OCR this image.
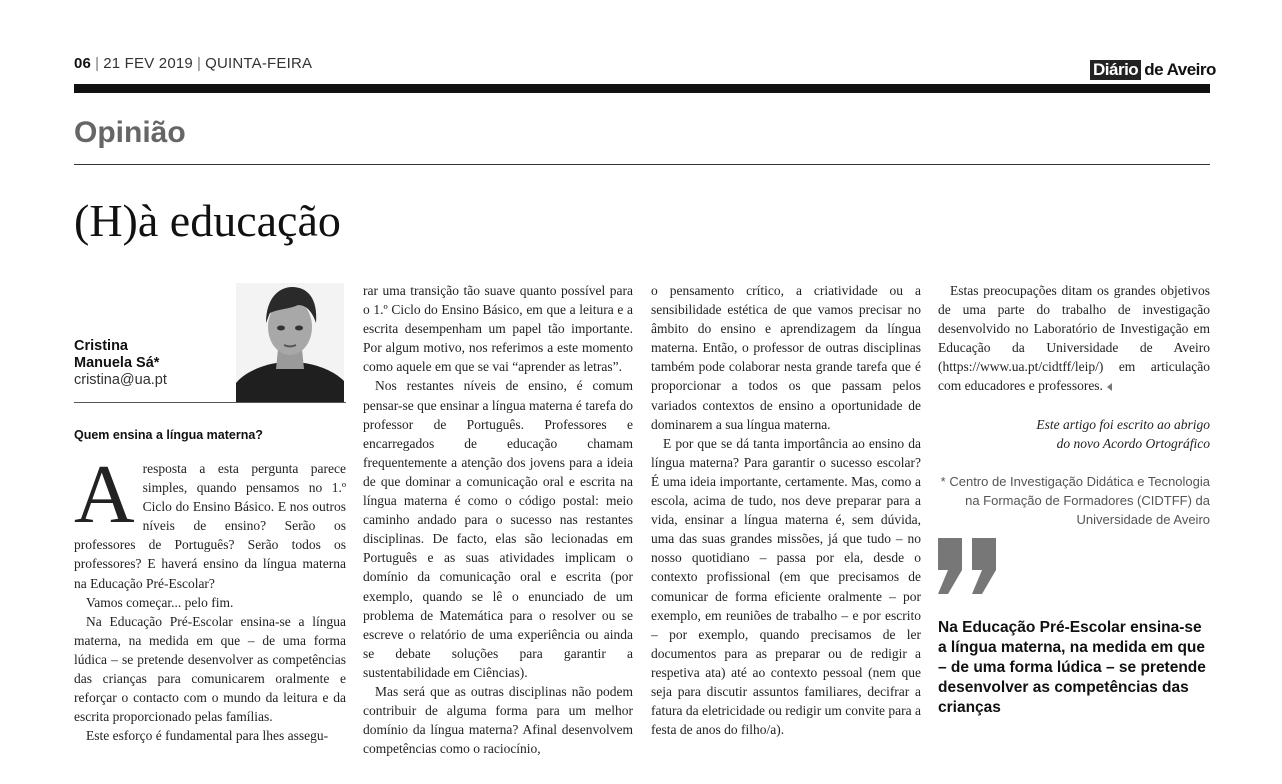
06 | 21 FEV 2019 | QUINTA-FEIRA	Diário de Aveiro
Opinião
(H)à educação
Cristina
Manuela Sá*
cristina@ua.pt
Quem ensina a língua materna?

Aresposta a esta pergunta parece simples, quando pensamos no 1.º Ciclo do Ensino Básico. E nos outros níveis de ensino? Serão os professores de Português? Serão todos os professores? E haverá ensino da língua materna na Educação Pré-Escolar?

Vamos começar... pelo fim.

Na Educação Pré-Escolar ensina-se a língua materna, na medida em que – de uma forma lúdica – se pretende desenvolver as competências das crianças para comunicarem oralmente e reforçar o contacto com o mundo da leitura e da escrita proporcionado pelas famílias.

Este esforço é fundamental para lhes assegu-

rar uma transição tão suave quanto possível para o 1.º Ciclo do Ensino Básico, em que a leitura e a escrita desempenham um papel tão importante. Por algum motivo, nos referimos a este momento como aquele em que se vai “aprender as letras”.

Nos restantes níveis de ensino, é comum pensar-se que ensinar a língua materna é tarefa do professor de Português. Professores e encarregados de educação chamam frequentemente a atenção dos jovens para a ideia de que dominar a comunicação oral e escrita na língua materna é como o código postal: meio caminho andado para o sucesso nas restantes disciplinas. De facto, elas são lecionadas em Português e as suas atividades implicam o domínio da comunicação oral e escrita (por exemplo, quando se lê o enunciado de um problema de Matemática para o resolver ou se escreve o relatório de uma experiência ou ainda se debate soluções para garantir a sustentabilidade em Ciências).

Mas será que as outras disciplinas não podem contribuir de alguma forma para um melhor domínio da língua materna? Afinal desenvolvem competências como o raciocínio,

o pensamento crítico, a criatividade ou a sensibilidade estética de que vamos precisar no âmbito do ensino e aprendizagem da língua materna. Então, o professor de outras disciplinas também pode colaborar nesta grande tarefa que é proporcionar a todos os que passam pelos variados contextos de ensino a oportunidade de dominarem a sua língua materna.

E por que se dá tanta importância ao ensino da língua materna? Para garantir o sucesso escolar? É uma ideia importante, certamente. Mas, como a escola, acima de tudo, nos deve preparar para a vida, ensinar a língua materna é, sem dúvida, uma das suas grandes missões, já que tudo – no nosso quotidiano – passa por ela, desde o contexto profissional (em que precisamos de comunicar de forma eficiente oralmente – por exemplo, em reuniões de trabalho – e por escrito – por exemplo, quando precisamos de ler documentos para as preparar ou de redigir a respetiva ata) até ao contexto pessoal (nem que seja para discutir assuntos familiares, decifrar a fatura da eletricidade ou redigir um convite para a festa de anos do filho/a).

Estas preocupações ditam os grandes objetivos de uma parte do trabalho de investigação desenvolvido no Laboratório de Investigação em Educação da Universidade de Aveiro (https://www.ua.pt/cidtff/leip/) em articulação com educadores e professores.

Este artigo foi escrito ao abrigo
do novo Acordo Ortográfico
* Centro de Investigação Didática e Tecnologia na Formação de Formadores (CIDTFF) da Universidade de Aveiro
Na Educação Pré-Escolar ensina-se a língua materna, na medida em que – de uma forma lúdica – se pretende desenvolver as competências das crianças
